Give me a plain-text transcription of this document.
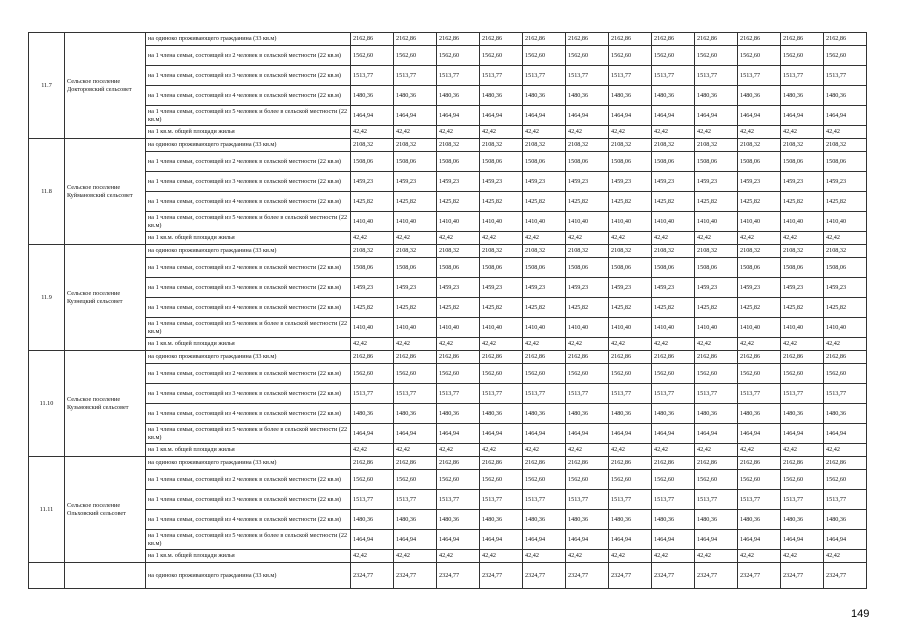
11.7	Сельское поселение Докторовский сельсовет	на одиноко проживающего гражданина (33 кв.м)	2162,86	2162,86	2162,86	2162,86	2162,86	2162,86	2162,86	2162,86	2162,86	2162,86	2162,86	2162,86
		на 1 члена семьи, состоящей из 2 человек в сельской местности (22 кв.м)	1562,60	1562,60	1562,60	1562,60	1562,60	1562,60	1562,60	1562,60	1562,60	1562,60	1562,60	1562,60
		на 1 члена семьи, состоящей из 3 человек в сельской местности (22 кв.м)	1513,77	1513,77	1513,77	1513,77	1513,77	1513,77	1513,77	1513,77	1513,77	1513,77	1513,77	1513,77
		на 1 члена семьи, состоящей из 4 человек в сельской местности (22 кв.м)	1480,36	1480,36	1480,36	1480,36	1480,36	1480,36	1480,36	1480,36	1480,36	1480,36	1480,36	1480,36
		на 1 члена семьи, состоящей из 5 человек и более в сельской местности (22 кв.м)	1464,94	1464,94	1464,94	1464,94	1464,94	1464,94	1464,94	1464,94	1464,94	1464,94	1464,94	1464,94
		на 1 кв.м. общей площади жилья	42,42	42,42	42,42	42,42	42,42	42,42	42,42	42,42	42,42	42,42	42,42	42,42
11.8	Сельское поселение Куймановский сельсовет	на одиноко проживающего гражданина (33 кв.м)	2108,32	2108,32	2108,32	2108,32	2108,32	2108,32	2108,32	2108,32	2108,32	2108,32	2108,32	2108,32
		на 1 члена семьи, состоящей из 2 человек в сельской местности (22 кв.м)	1508,06	1508,06	1508,06	1508,06	1508,06	1508,06	1508,06	1508,06	1508,06	1508,06	1508,06	1508,06
		на 1 члена семьи, состоящей из 3 человек в сельской местности (22 кв.м)	1459,23	1459,23	1459,23	1459,23	1459,23	1459,23	1459,23	1459,23	1459,23	1459,23	1459,23	1459,23
		на 1 члена семьи, состоящей из 4 человек в сельской местности (22 кв.м)	1425,82	1425,82	1425,82	1425,82	1425,82	1425,82	1425,82	1425,82	1425,82	1425,82	1425,82	1425,82
		на 1 члена семьи, состоящей из 5 человек и более в сельской местности (22 кв.м)	1410,40	1410,40	1410,40	1410,40	1410,40	1410,40	1410,40	1410,40	1410,40	1410,40	1410,40	1410,40
		на 1 кв.м. общей площади жилья	42,42	42,42	42,42	42,42	42,42	42,42	42,42	42,42	42,42	42,42	42,42	42,42
11.9	Сельское поселение Кузнецкий сельсовет	на одиноко проживающего гражданина (33 кв.м)	2108,32	2108,32	2108,32	2108,32	2108,32	2108,32	2108,32	2108,32	2108,32	2108,32	2108,32	2108,32
		на 1 члена семьи, состоящей из 2 человек в сельской местности (22 кв.м)	1508,06	1508,06	1508,06	1508,06	1508,06	1508,06	1508,06	1508,06	1508,06	1508,06	1508,06	1508,06
		на 1 члена семьи, состоящей из 3 человек в сельской местности (22 кв.м)	1459,23	1459,23	1459,23	1459,23	1459,23	1459,23	1459,23	1459,23	1459,23	1459,23	1459,23	1459,23
		на 1 члена семьи, состоящей из 4 человек в сельской местности (22 кв.м)	1425,82	1425,82	1425,82	1425,82	1425,82	1425,82	1425,82	1425,82	1425,82	1425,82	1425,82	1425,82
		на 1 члена семьи, состоящей из 5 человек и более в сельской местности (22 кв.м)	1410,40	1410,40	1410,40	1410,40	1410,40	1410,40	1410,40	1410,40	1410,40	1410,40	1410,40	1410,40
		на 1 кв.м. общей площади жилья	42,42	42,42	42,42	42,42	42,42	42,42	42,42	42,42	42,42	42,42	42,42	42,42
11.10	Сельское поселение Кузьмовский сельсовет	на одиноко проживающего гражданина (33 кв.м)	2162,86	2162,86	2162,86	2162,86	2162,86	2162,86	2162,86	2162,86	2162,86	2162,86	2162,86	2162,86
		на 1 члена семьи, состоящей из 2 человек в сельской местности (22 кв.м)	1562,60	1562,60	1562,60	1562,60	1562,60	1562,60	1562,60	1562,60	1562,60	1562,60	1562,60	1562,60
		на 1 члена семьи, состоящей из 3 человек в сельской местности (22 кв.м)	1513,77	1513,77	1513,77	1513,77	1513,77	1513,77	1513,77	1513,77	1513,77	1513,77	1513,77	1513,77
		на 1 члена семьи, состоящей из 4 человек в сельской местности (22 кв.м)	1480,36	1480,36	1480,36	1480,36	1480,36	1480,36	1480,36	1480,36	1480,36	1480,36	1480,36	1480,36
		на 1 члена семьи, состоящей из 5 человек и более в сельской местности (22 кв.м)	1464,94	1464,94	1464,94	1464,94	1464,94	1464,94	1464,94	1464,94	1464,94	1464,94	1464,94	1464,94
		на 1 кв.м. общей площади жилья	42,42	42,42	42,42	42,42	42,42	42,42	42,42	42,42	42,42	42,42	42,42	42,42
11.11	Сельское поселение Ольховский сельсовет	на одиноко проживающего гражданина (33 кв.м)	2162,86	2162,86	2162,86	2162,86	2162,86	2162,86	2162,86	2162,86	2162,86	2162,86	2162,86	2162,86
		на 1 члена семьи, состоящей из 2 человек в сельской местности (22 кв.м)	1562,60	1562,60	1562,60	1562,60	1562,60	1562,60	1562,60	1562,60	1562,60	1562,60	1562,60	1562,60
		на 1 члена семьи, состоящей из 3 человек в сельской местности (22 кв.м)	1513,77	1513,77	1513,77	1513,77	1513,77	1513,77	1513,77	1513,77	1513,77	1513,77	1513,77	1513,77
		на 1 члена семьи, состоящей из 4 человек в сельской местности (22 кв.м)	1480,36	1480,36	1480,36	1480,36	1480,36	1480,36	1480,36	1480,36	1480,36	1480,36	1480,36	1480,36
		на 1 члена семьи, состоящей из 5 человек и более в сельской местности (22 кв.м)	1464,94	1464,94	1464,94	1464,94	1464,94	1464,94	1464,94	1464,94	1464,94	1464,94	1464,94	1464,94
		на 1 кв.м. общей площади жилья	42,42	42,42	42,42	42,42	42,42	42,42	42,42	42,42	42,42	42,42	42,42	42,42
		на одиноко проживающего гражданина (33 кв.м)	2324,77	2324,77	2324,77	2324,77	2324,77	2324,77	2324,77	2324,77	2324,77	2324,77	2324,77	2324,77
149
